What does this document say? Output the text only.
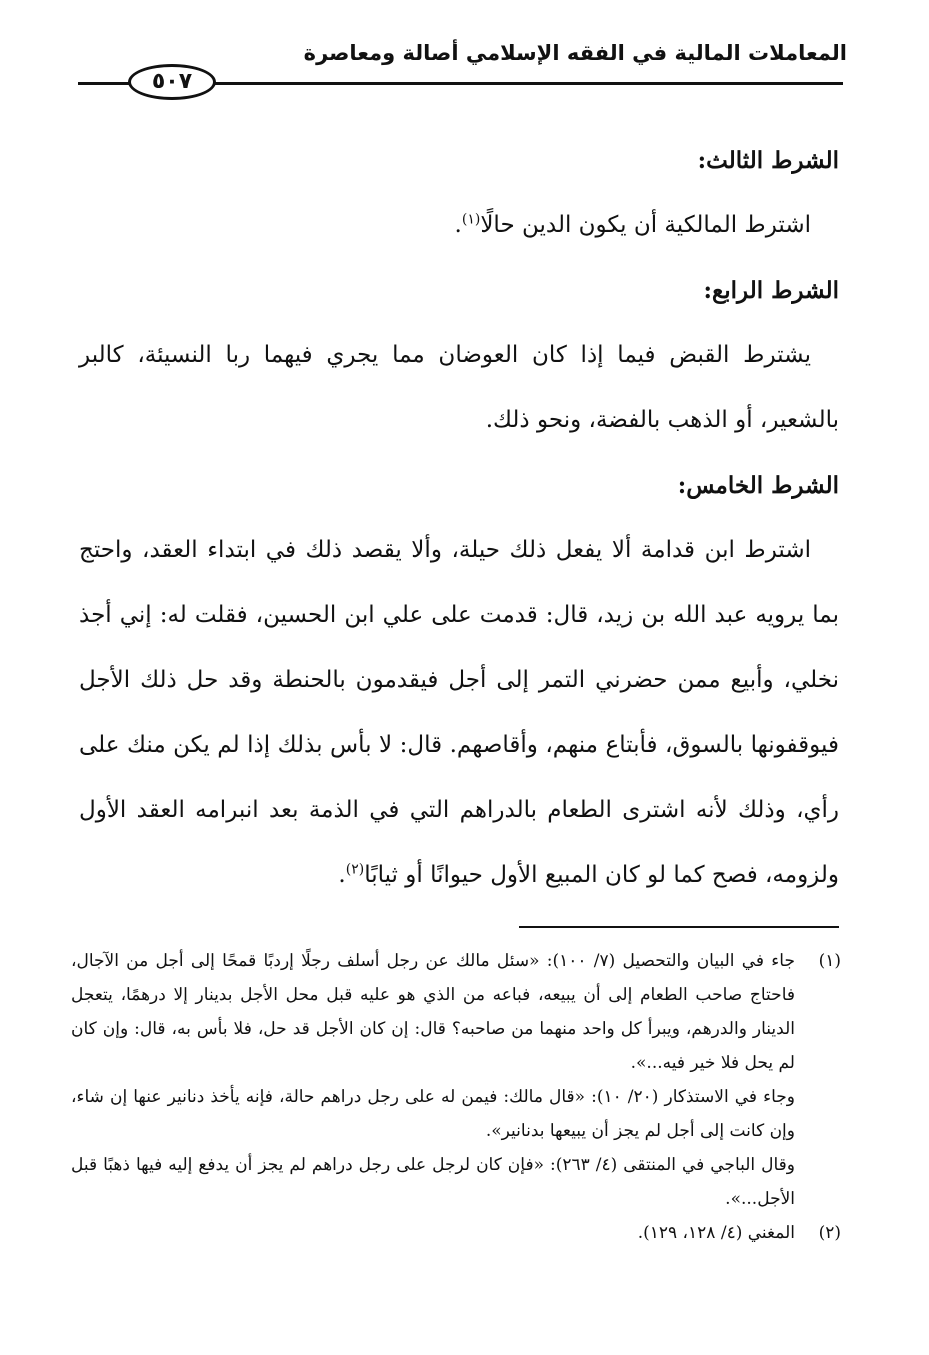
المعاملات المالية في الفقه الإسلامي أصالة ومعاصرة
٥٠٧

الشرط الثالث:

اشترط المالكية أن يكون الدين حالًا$^{(١)}$.

الشرط الرابع:

يشترط القبض فيما إذا كان العوضان مما يجري فيهما ربا النسيئة، كالبر بالشعير، أو الذهب بالفضة، ونحو ذلك.

الشرط الخامس:

اشترط ابن قدامة ألا يفعل ذلك حيلة، وألا يقصد ذلك في ابتداء العقد، واحتج بما يرويه عبد الله بن زيد، قال: قدمت على علي ابن الحسين، فقلت له: إني أجذ نخلي، وأبيع ممن حضرني التمر إلى أجل فيقدمون بالحنطة وقد حل ذلك الأجل فيوقفونها بالسوق، فأبتاع منهم، وأقاصهم. قال: لا بأس بذلك إذا لم يكن منك على رأي، وذلك لأنه اشترى الطعام بالدراهم التي في الذمة بعد انبرامه العقد الأول ولزومه، فصح كما لو كان المبيع الأول حيوانًا أو ثيابًا$^{(٢)}$.

(١)

جاء في البيان والتحصيل (٧/ ١٠٠): «سئل مالك عن رجل أسلف رجلًا إردبًا قمحًا إلى أجل من الآجال، فاحتاج صاحب الطعام إلى أن يبيعه، فباعه من الذي هو عليه قبل محل الأجل بدينار إلا درهمًا، يتعجل الدينار والدرهم، ويبرأ كل واحد منهما من صاحبه؟ قال: إن كان الأجل قد حل، فلا بأس به، قال: وإن كان لم يحل فلا خير فيه...».

وجاء في الاستذكار (٢٠/ ١٠): «قال مالك: فيمن له على رجل دراهم حالة، فإنه يأخذ دنانير عنها إن شاء، وإن كانت إلى أجل لم يجز أن يبيعها بدنانير».

وقال الباجي في المنتقى (٤/ ٢٦٣): «فإن كان لرجل على رجل دراهم لم يجز أن يدفع إليه فيها ذهبًا قبل الأجل...».

(٢)

المغني (٤/ ١٢٨، ١٢٩).
